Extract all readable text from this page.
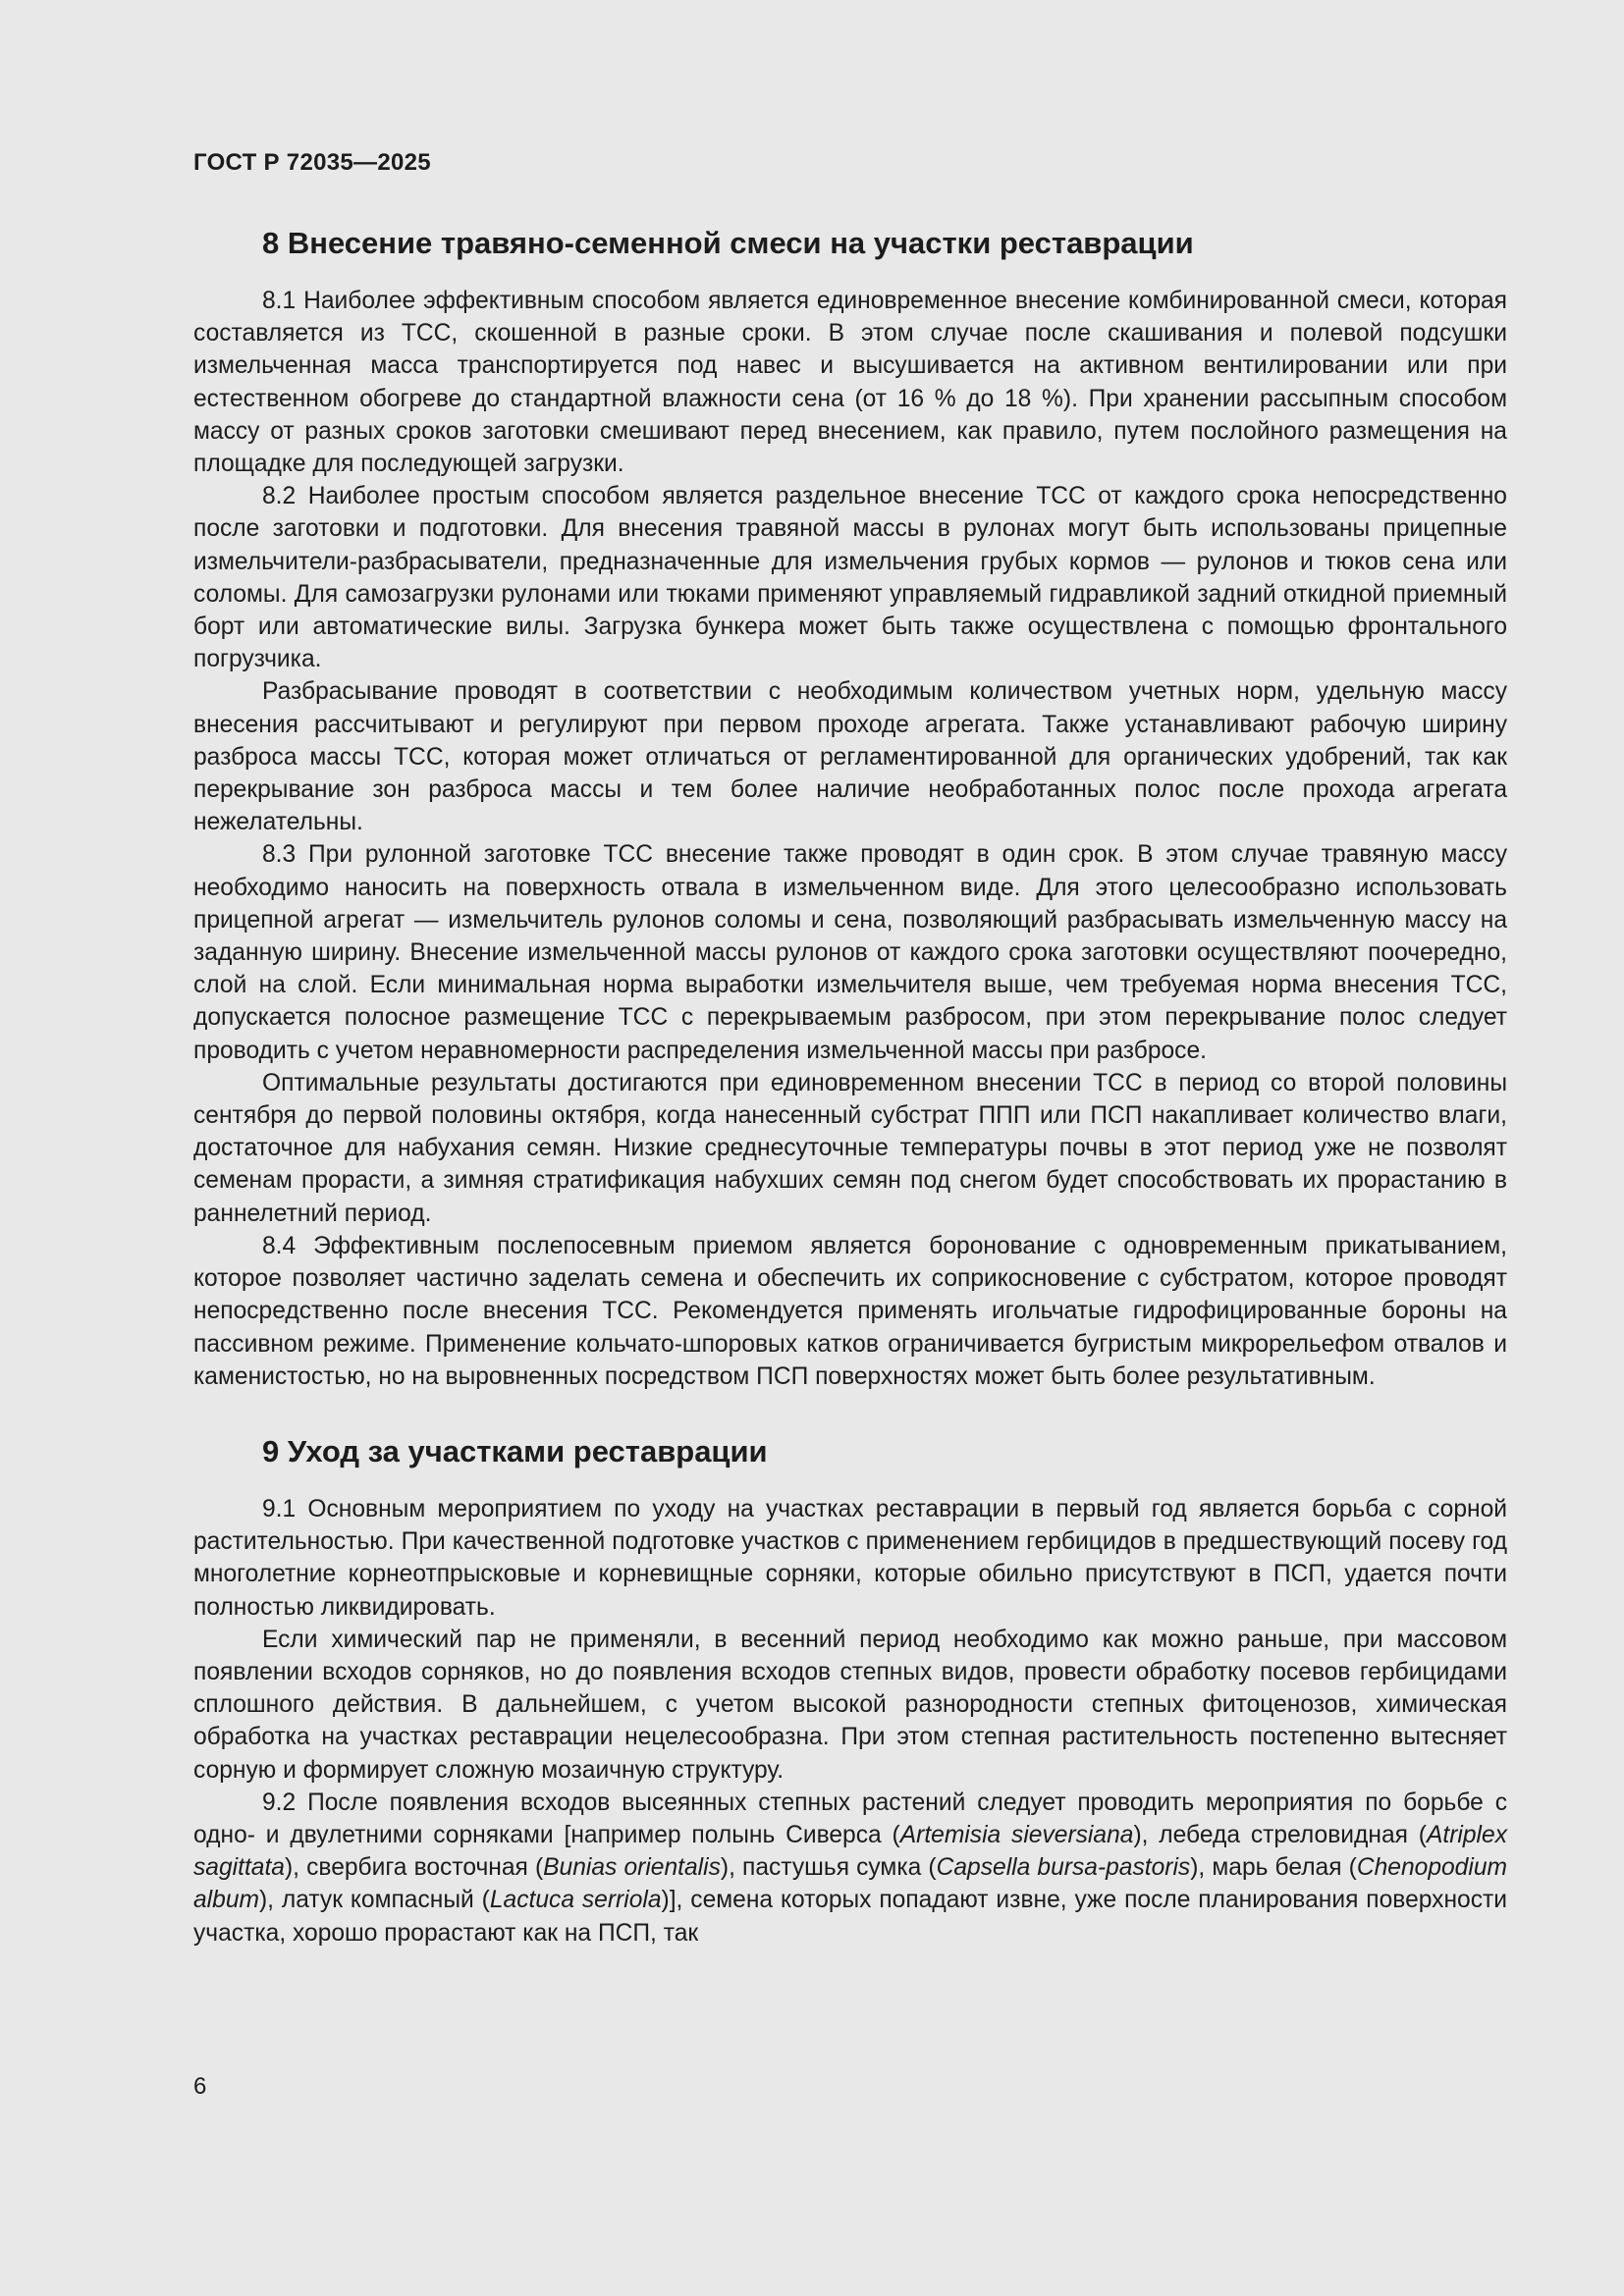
ГОСТ Р 72035—2025
8 Внесение травяно-семенной смеси на участки реставрации

8.1 Наиболее эффективным способом является единовременное внесение комбинированной смеси, которая составляется из ТСС, скошенной в разные сроки. В этом случае после скашивания и полевой подсушки измельченная масса транспортируется под навес и высушивается на активном вентилировании или при естественном обогреве до стандартной влажности сена (от 16 % до 18 %). При хранении рассыпным способом массу от разных сроков заготовки смешивают перед внесением, как правило, путем послойного размещения на площадке для последующей загрузки.

8.2 Наиболее простым способом является раздельное внесение ТСС от каждого срока непосредственно после заготовки и подготовки. Для внесения травяной массы в рулонах могут быть использованы прицепные измельчители-разбрасыватели, предназначенные для измельчения грубых кормов — рулонов и тюков сена или соломы. Для самозагрузки рулонами или тюками применяют управляемый гидравликой задний откидной приемный борт или автоматические вилы. Загрузка бункера может быть также осуществлена с помощью фронтального погрузчика.

Разбрасывание проводят в соответствии с необходимым количеством учетных норм, удельную массу внесения рассчитывают и регулируют при первом проходе агрегата. Также устанавливают рабочую ширину разброса массы ТСС, которая может отличаться от регламентированной для органических удобрений, так как перекрывание зон разброса массы и тем более наличие необработанных полос после прохода агрегата нежелательны.

8.3 При рулонной заготовке ТСС внесение также проводят в один срок. В этом случае травяную массу необходимо наносить на поверхность отвала в измельченном виде. Для этого целесообразно использовать прицепной агрегат — измельчитель рулонов соломы и сена, позволяющий разбрасывать измельченную массу на заданную ширину. Внесение измельченной массы рулонов от каждого срока заготовки осуществляют поочередно, слой на слой. Если минимальная норма выработки измельчителя выше, чем требуемая норма внесения ТСС, допускается полосное размещение ТСС с перекрываемым разбросом, при этом перекрывание полос следует проводить с учетом неравномерности распределения измельченной массы при разбросе.

Оптимальные результаты достигаются при единовременном внесении ТСС в период со второй половины сентября до первой половины октября, когда нанесенный субстрат ППП или ПСП накапливает количество влаги, достаточное для набухания семян. Низкие среднесуточные температуры почвы в этот период уже не позволят семенам прорасти, а зимняя стратификация набухших семян под снегом будет способствовать их прорастанию в раннелетний период.

8.4 Эффективным послепосевным приемом является боронование с одновременным прикатыванием, которое позволяет частично заделать семена и обеспечить их соприкосновение с субстратом, которое проводят непосредственно после внесения ТСС. Рекомендуется применять игольчатые гидрофицированные бороны на пассивном режиме. Применение кольчато-шпоровых катков ограничивается бугристым микрорельефом отвалов и каменистостью, но на выровненных посредством ПСП поверхностях может быть более результативным.

9 Уход за участками реставрации

9.1 Основным мероприятием по уходу на участках реставрации в первый год является борьба с сорной растительностью. При качественной подготовке участков с применением гербицидов в предшествующий посеву год многолетние корнеотпрысковые и корневищные сорняки, которые обильно присутствуют в ПСП, удается почти полностью ликвидировать.

Если химический пар не применяли, в весенний период необходимо как можно раньше, при массовом появлении всходов сорняков, но до появления всходов степных видов, провести обработку посевов гербицидами сплошного действия. В дальнейшем, с учетом высокой разнородности степных фитоценозов, химическая обработка на участках реставрации нецелесообразна. При этом степная растительность постепенно вытесняет сорную и формирует сложную мозаичную структуру.

9.2 После появления всходов высеянных степных растений следует проводить мероприятия по борьбе с одно- и двулетними сорняками [например полынь Сиверса (Artemisia sieversiana), лебеда стреловидная (Atriplex sagittata), свербига восточная (Bunias orientalis), пастушья сумка (Capsella bursa-pastoris), марь белая (Chenopodium album), латук компасный (Lactuca serriola)], семена которых попадают извне, уже после планирования поверхности участка, хорошо прорастают как на ПСП, так

6
